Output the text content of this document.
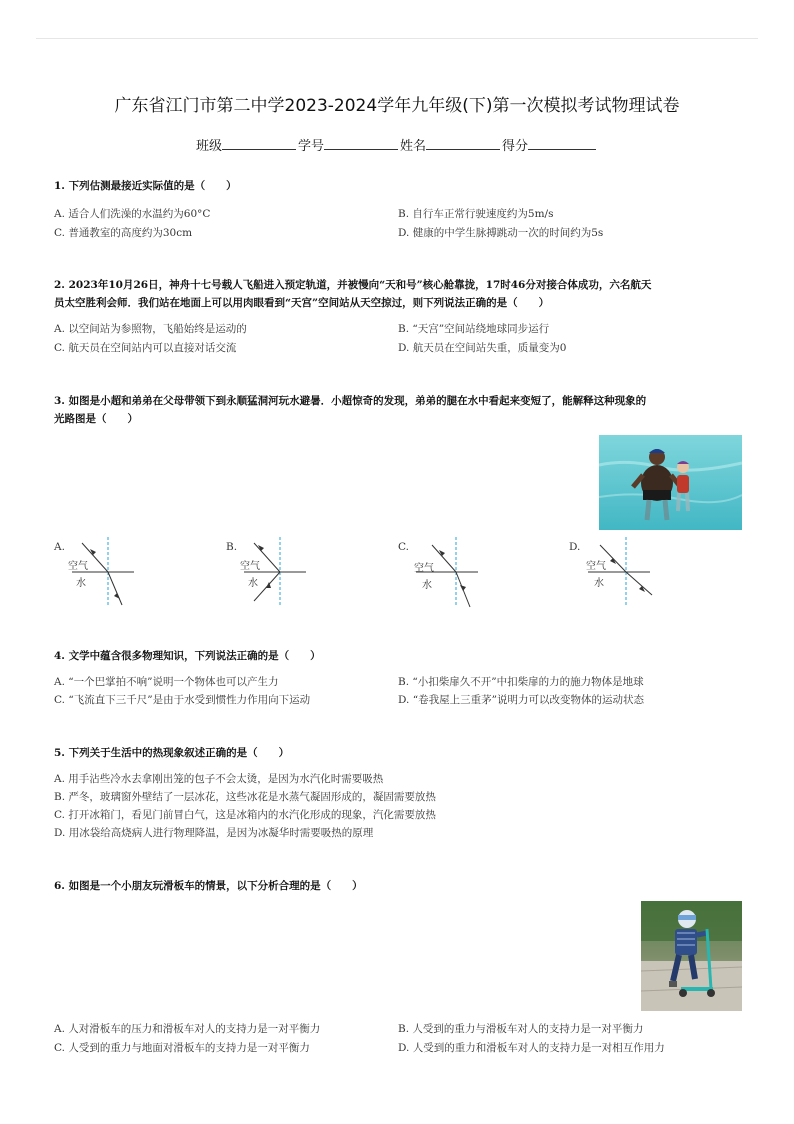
广东省江门市第二中学2023-2024学年九年级(下)第一次模拟考试物理试卷
班级	学号	姓名	得分
1. 下列估测最接近实际值的是（　　）
A. 适合人们洗澡的水温约为60°C	B. 自行车正常行驶速度约为5m/s
C. 普通教室的高度约为30cm	D. 健康的中学生脉搏跳动一次的时间约为5s
2. 2023年10月26日，神舟十七号载人飞船进入预定轨道，并被慢向“天和号”核心舱靠拢，17时46分对接合体成功，六名航天
员太空胜利会师．我们站在地面上可以用肉眼看到“天宫”空间站从天空掠过，则下列说法正确的是（　　）
A. 以空间站为参照物，飞船始终是运动的	B. “天宫”空间站绕地球同步运行
C. 航天员在空间站内可以直接对话交流	D. 航天员在空间站失重，质量变为0
3. 如图是小超和弟弟在父母带领下到永顺猛洞河玩水避暑．小超惊奇的发现，弟弟的腿在水中看起来变短了，能解释这种现象的
光路图是（　　）
A.	B.	C.	D.
空气
水
空气
水
空气
水
空气
水
4. 文学中蕴含很多物理知识，下列说法正确的是（　　）
A. “一个巴掌拍不响”说明一个物体也可以产生力	B. “小扣柴扉久不开”中扣柴扉的力的施力物体是地球
C. “飞流直下三千尺”是由于水受到惯性力作用向下运动	D. “卷我屋上三重茅”说明力可以改变物体的运动状态
5. 下列关于生活中的热现象叙述正确的是（　　）
A. 用手沾些冷水去拿刚出笼的包子不会太烫，是因为水汽化时需要吸热
B. 严冬，玻璃窗外壁结了一层冰花，这些冰花是水蒸气凝固形成的，凝固需要放热
C. 打开冰箱门，看见门前冒白气，这是冰箱内的水汽化形成的现象，汽化需要放热
D. 用冰袋给高烧病人进行物理降温，是因为冰凝华时需要吸热的原理
6. 如图是一个小朋友玩滑板车的情景，以下分析合理的是（　　）
A. 人对滑板车的压力和滑板车对人的支持力是一对平衡力	B. 人受到的重力与滑板车对人的支持力是一对平衡力
C. 人受到的重力与地面对滑板车的支持力是一对平衡力	D. 人受到的重力和滑板车对人的支持力是一对相互作用力
